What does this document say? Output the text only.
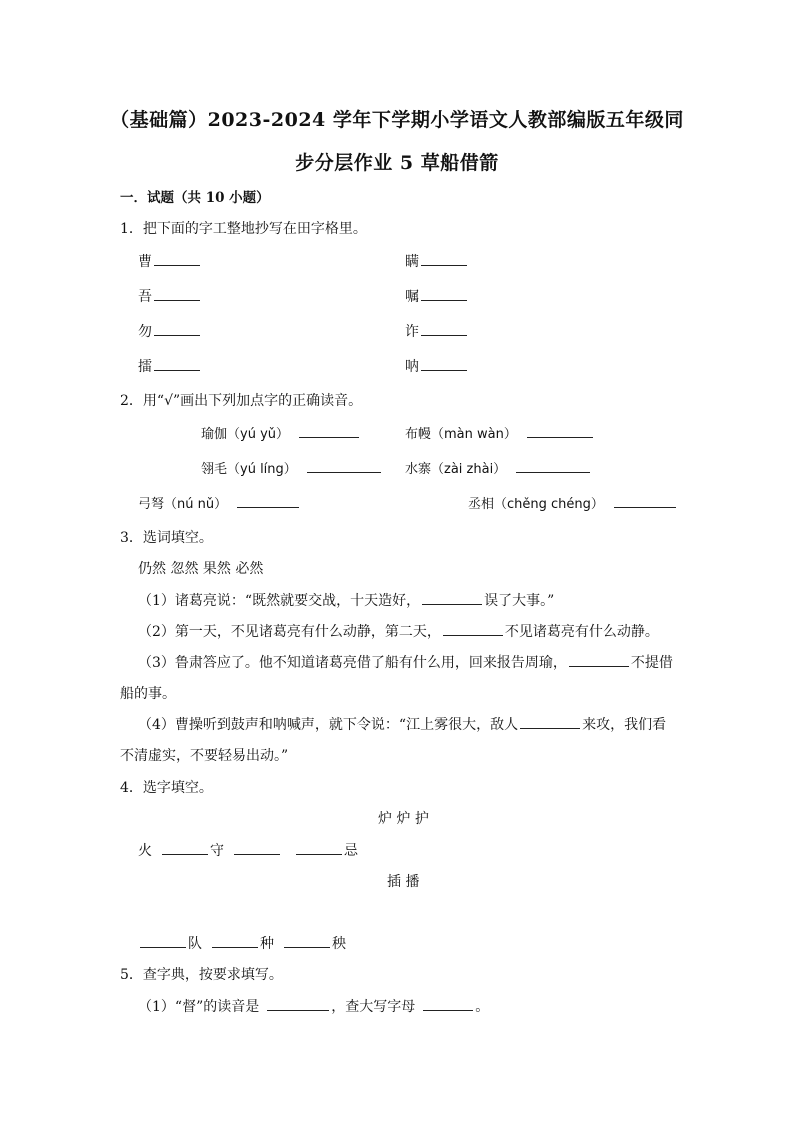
（基础篇）2023-2024 学年下学期小学语文人教部编版五年级同
步分层作业 5 草船借箭
一．试题（共 10 小题）
1．把下面的字工整地抄写在田字格里。
曹	瞒
吾	嘱
勿	诈
擂	呐
2．用“√”画出下列加点字的正确读音。
瑜伽（yú yǔ）	布幔（màn wàn）
翎毛（yú líng）	水寨（zài zhài）
弓弩（nú nǔ）	丞相（chěng chéng）
3．选词填空。
仍然 忽然 果然 必然
（1）诸葛亮说：“既然就要交战，十天造好，	误了大事。”
（2）第一天，不见诸葛亮有什么动静，第二天，	不见诸葛亮有什么动静。
（3）鲁肃答应了。他不知道诸葛亮借了船有什么用，回来报告周瑜，	不提借
船的事。
（4）曹操听到鼓声和呐喊声，就下令说：“江上雾很大，敌人	来攻，我们看
不清虚实，不要轻易出动。”
4．选字填空。
炉 炉 护
火	守	忌
插 播
队	种	秧
5．查字典，按要求填写。
（1）“督”的读音是	，查大写字母	。
